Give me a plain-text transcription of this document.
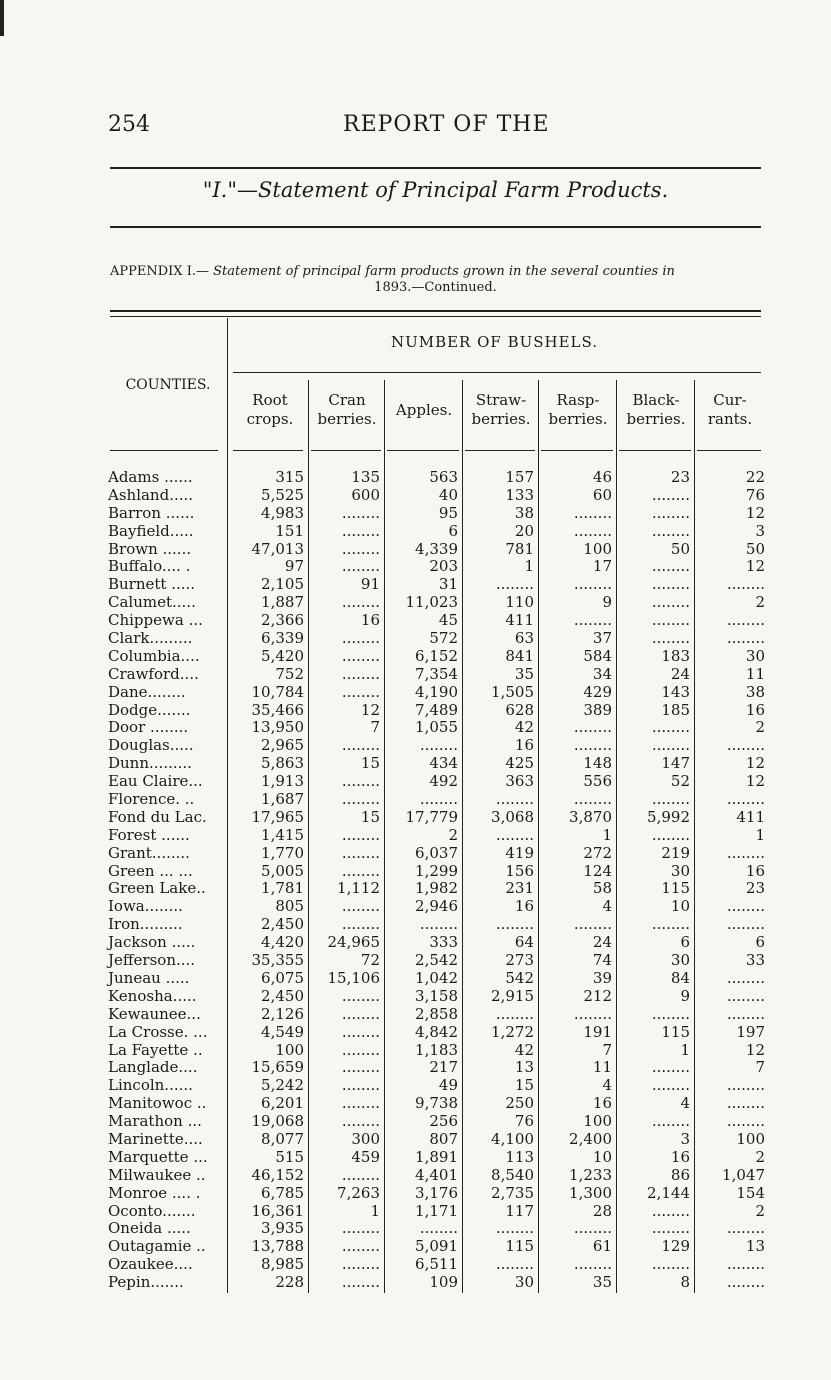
254	REPORT OF THE
"I."—Statement of Principal Farm Products.
APPENDIX I.— Statement of principal farm products grown in the several counties in
1893.—Continued.
NUMBER OF BUSHELS.
COUNTIES.
Root
crops.
Cran
berries.	Apples.
Straw-
berries.
Rasp-
berries.
Black-
berries.
Cur-
rants.
Adams ......	315	135	563	157	46	23	22
Ashland.....	5,525	600	40	133	60	........	76
Barron ......	4,983	........	95	38	........	........	12
Bayfield.....	151	........	6	20	........	........	3
Brown ......	47,013	........	4,339	781	100	50	50
Buffalo.... .	97	........	203	1	17	........	12
Burnett .....	2,105	91	31	........	........	........	........
Calumet.....	1,887	........	11,023	110	9	........	2
Chippewa ...	2,366	16	45	411	........	........	........
Clark.........	6,339	........	572	63	37	........	........
Columbia....	5,420	........	6,152	841	584	183	30
Crawford....	752	........	7,354	35	34	24	11
Dane........	10,784	........	4,190	1,505	429	143	38
Dodge.......	35,466	12	7,489	628	389	185	16
Door ........	13,950	7	1,055	42	........	........	2
Douglas.....	2,965	........	........	16	........	........	........
Dunn.........	5,863	15	434	425	148	147	12
Eau Claire...	1,913	........	492	363	556	52	12
Florence. ..	1,687	........	........	........	........	........	........
Fond du Lac.	17,965	15	17,779	3,068	3,870	5,992	411
Forest ......	1,415	........	2	........	1	........	1
Grant........	1,770	........	6,037	419	272	219	........
Green ... ...	5,005	........	1,299	156	124	30	16
Green Lake..	1,781	1,112	1,982	231	58	115	23
Iowa........	805	........	2,946	16	4	10	........
Iron.........	2,450	........	........	........	........	........	........
Jackson .....	4,420	24,965	333	64	24	6	6
Jefferson....	35,355	72	2,542	273	74	30	33
Juneau .....	6,075	15,106	1,042	542	39	84	........
Kenosha.....	2,450	........	3,158	2,915	212	9	........
Kewaunee...	2,126	........	2,858	........	........	........	........
La Crosse. ...	4,549	........	4,842	1,272	191	115	197
La Fayette ..	100	........	1,183	42	7	1	12
Langlade....	15,659	........	217	13	11	........	7
Lincoln......	5,242	........	49	15	4	........	........
Manitowoc ..	6,201	........	9,738	250	16	4	........
Marathon ...	19,068	........	256	76	100	........	........
Marinette....	8,077	300	807	4,100	2,400	3	100
Marquette ...	515	459	1,891	113	10	16	2
Milwaukee ..	46,152	........	4,401	8,540	1,233	86	1,047
Monroe .... .	6,785	7,263	3,176	2,735	1,300	2,144	154
Oconto.......	16,361	1	1,171	117	28	........	2
Oneida .....	3,935	........	........	........	........	........	........
Outagamie ..	13,788	........	5,091	115	61	129	13
Ozaukee....	8,985	........	6,511	........	........	........	........
Pepin.......	228	........	109	30	35	8	........
